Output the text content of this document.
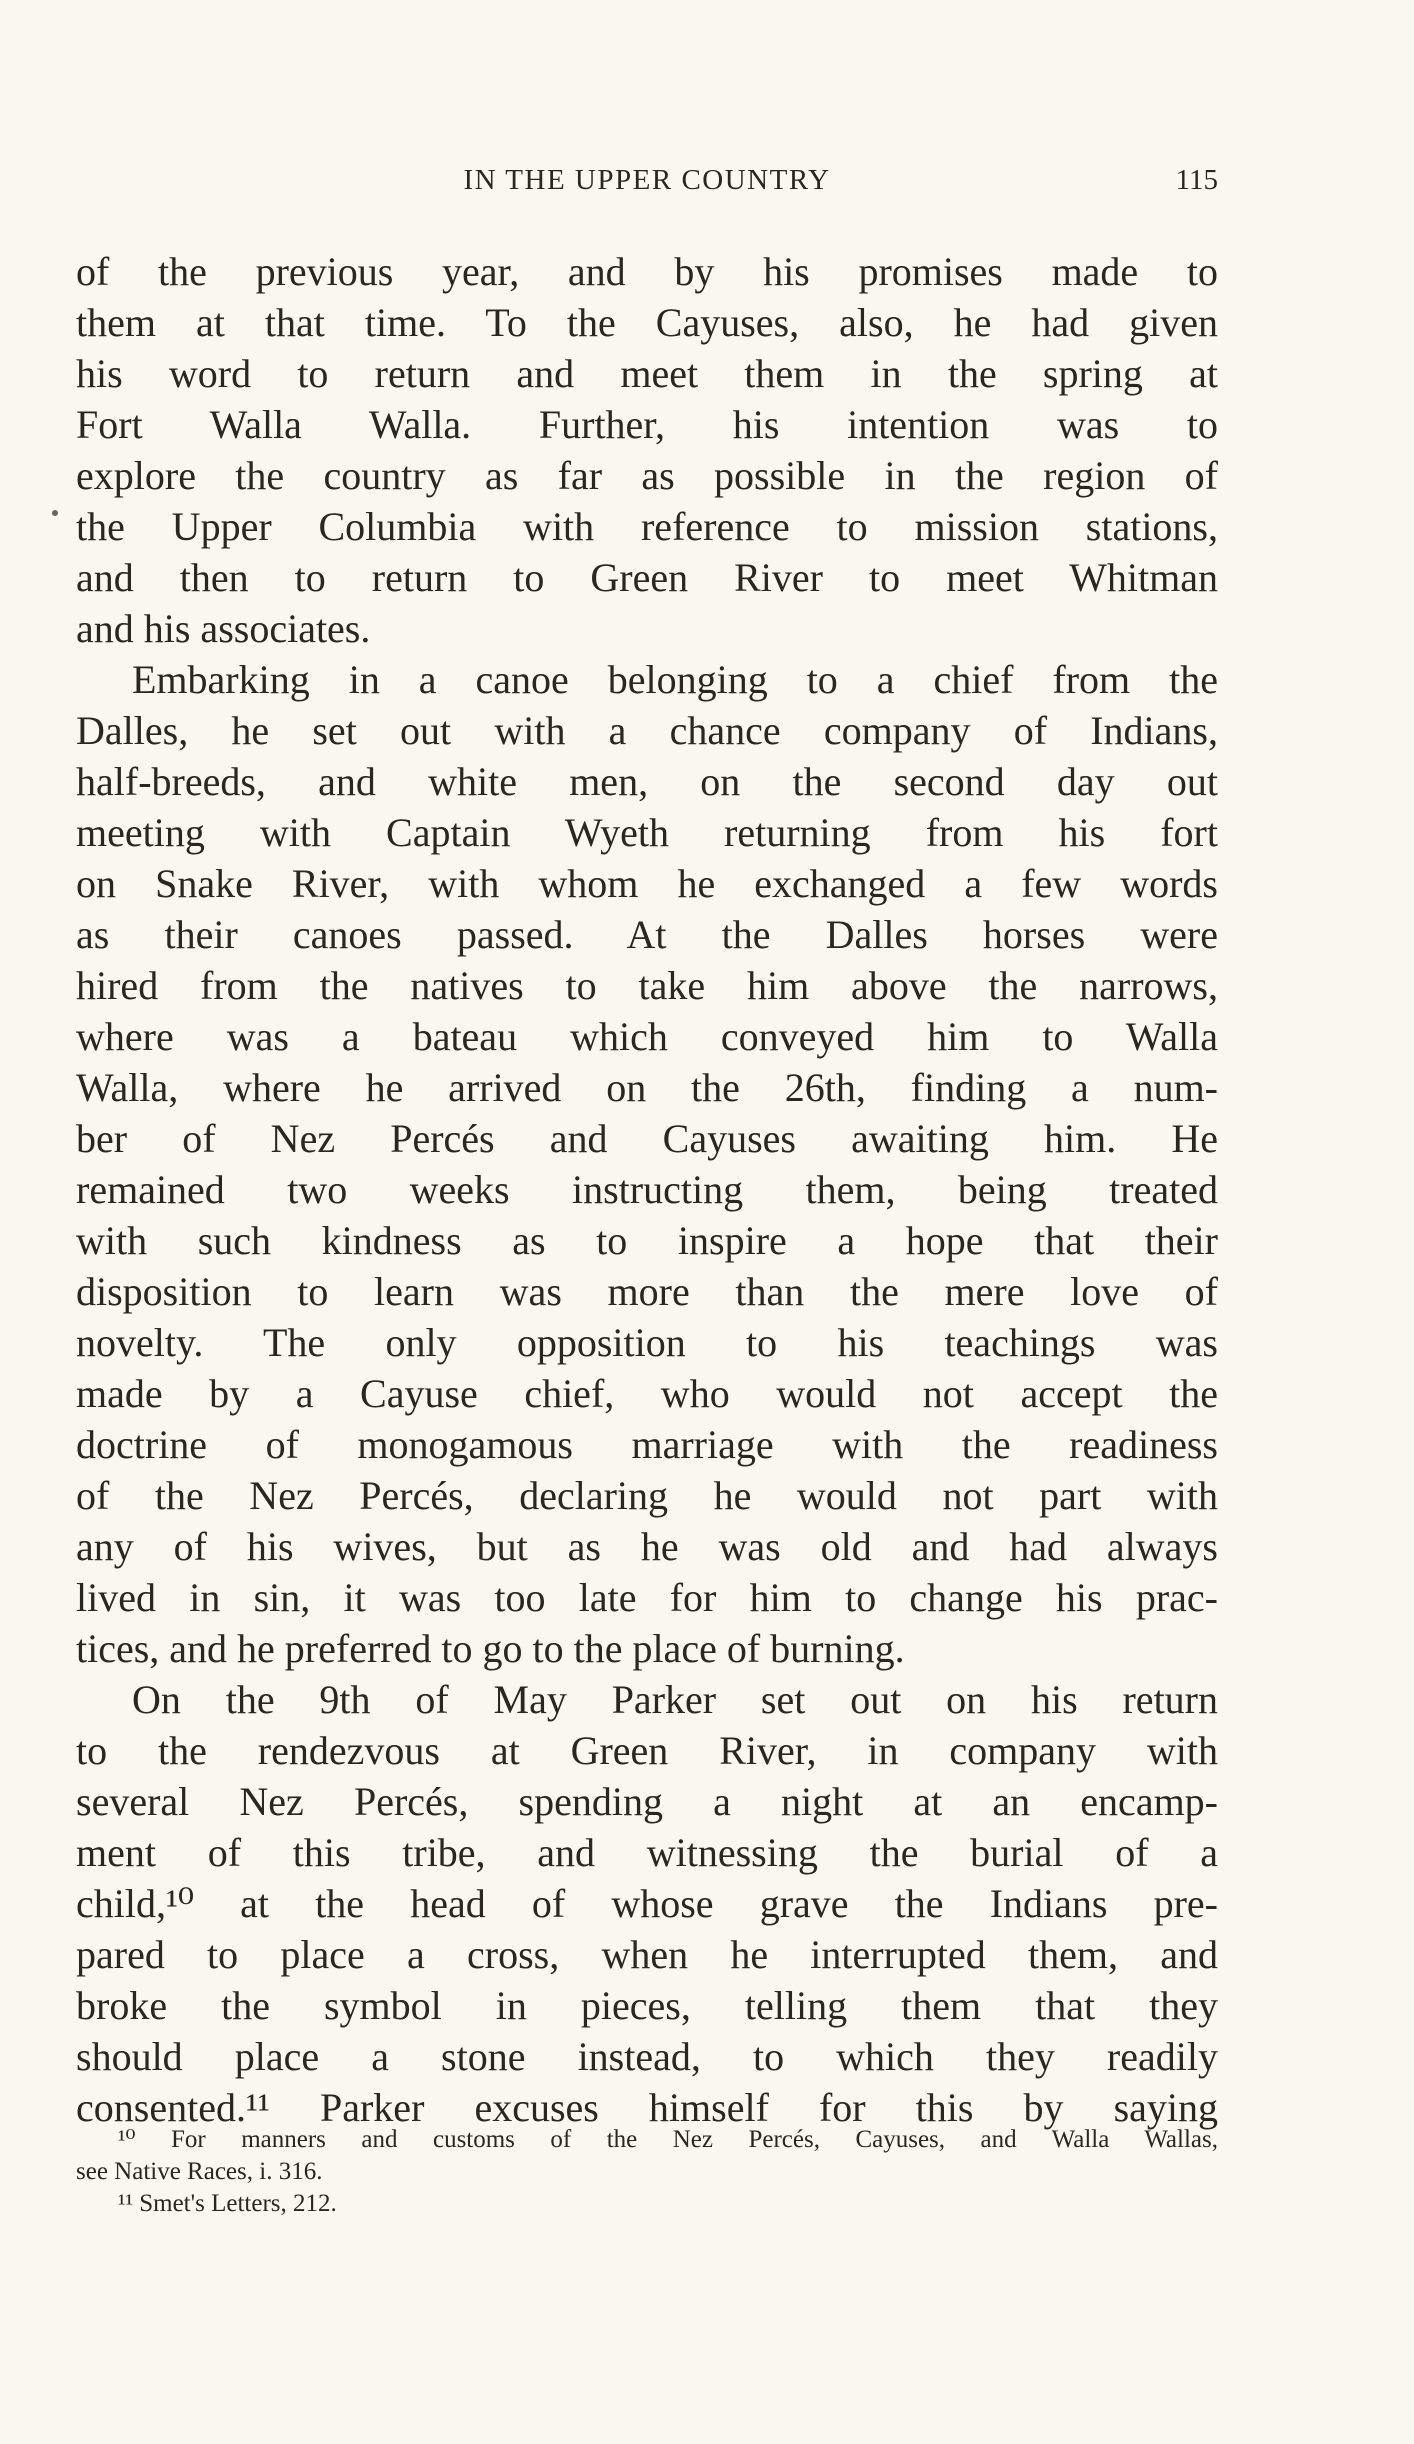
IN THE UPPER COUNTRY	115
of the previous year, and by his promises made to
them at that time. To the Cayuses, also, he had given
his word to return and meet them in the spring at
Fort Walla Walla. Further, his intention was to
explore the country as far as possible in the region of
the Upper Columbia with reference to mission stations,
and then to return to Green River to meet Whitman
and his associates.
Embarking in a canoe belonging to a chief from the
Dalles, he set out with a chance company of Indians,
half-breeds, and white men, on the second day out
meeting with Captain Wyeth returning from his fort
on Snake River, with whom he exchanged a few words
as their canoes passed. At the Dalles horses were
hired from the natives to take him above the narrows,
where was a bateau which conveyed him to Walla
Walla, where he arrived on the 26th, finding a num-
ber of Nez Percés and Cayuses awaiting him. He
remained two weeks instructing them, being treated
with such kindness as to inspire a hope that their
disposition to learn was more than the mere love of
novelty. The only opposition to his teachings was
made by a Cayuse chief, who would not accept the
doctrine of monogamous marriage with the readiness
of the Nez Percés, declaring he would not part with
any of his wives, but as he was old and had always
lived in sin, it was too late for him to change his prac-
tices, and he preferred to go to the place of burning.
On the 9th of May Parker set out on his return
to the rendezvous at Green River, in company with
several Nez Percés, spending a night at an encamp-
ment of this tribe, and witnessing the burial of a
child,¹⁰ at the head of whose grave the Indians pre-
pared to place a cross, when he interrupted them, and
broke the symbol in pieces, telling them that they
should place a stone instead, to which they readily
consented.¹¹ Parker excuses himself for this by saying
¹⁰ For manners and customs of the Nez Percés, Cayuses, and Walla Wallas,
see Native Races, i. 316.
¹¹ Smet's Letters, 212.
